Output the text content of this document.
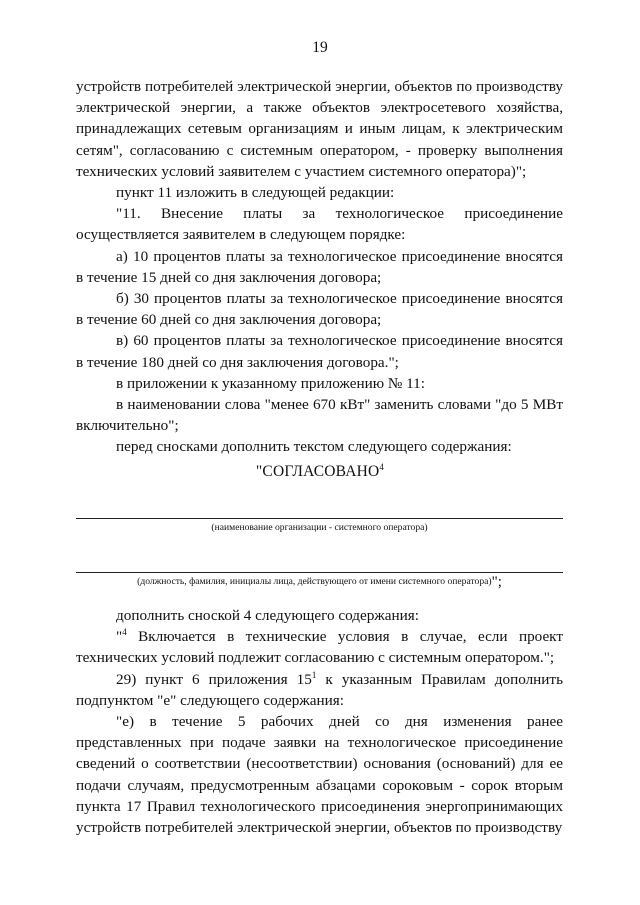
19

устройств потребителей электрической энергии, объектов по производству электрической энергии, а также объектов электросетевого хозяйства, принадлежащих сетевым организациям и иным лицам, к электрическим сетям", согласованию с системным оператором, - проверку выполнения технических условий заявителем с участием системного оператора)";

пункт 11 изложить в следующей редакции:

"11. Внесение платы за технологическое присоединение осуществляется заявителем в следующем порядке:

а) 10 процентов платы за технологическое присоединение вносятся в течение 15 дней со дня заключения договора;

б) 30 процентов платы за технологическое присоединение вносятся в течение 60 дней со дня заключения договора;

в) 60 процентов платы за технологическое присоединение вносятся в течение 180 дней со дня заключения договора.";

в приложении к указанному приложению № 11:

в наименовании слова "менее 670 кВт" заменить словами "до 5 МВт включительно";

перед сносками дополнить текстом следующего содержания:

"СОГЛАСОВАНО$^4$
(наименование организации - системного оператора)
(должность, фамилия, инициалы лица, действующего от имени системного оператора)";

дополнить сноской 4 следующего содержания:

"$^4$ Включается в технические условия в случае, если проект технических условий подлежит согласованию с системным оператором.";

29) пункт 6 приложения $15^1$ к указанным Правилам дополнить подпунктом "е" следующего содержания:

"е) в течение 5 рабочих дней со дня изменения ранее представленных при подаче заявки на технологическое присоединение сведений о соответствии (несоответствии) основания (оснований) для ее подачи случаям, предусмотренным абзацами сороковым - сорок вторым пункта 17 Правил технологического присоединения энергопринимающих устройств потребителей электрической энергии, объектов по производству
